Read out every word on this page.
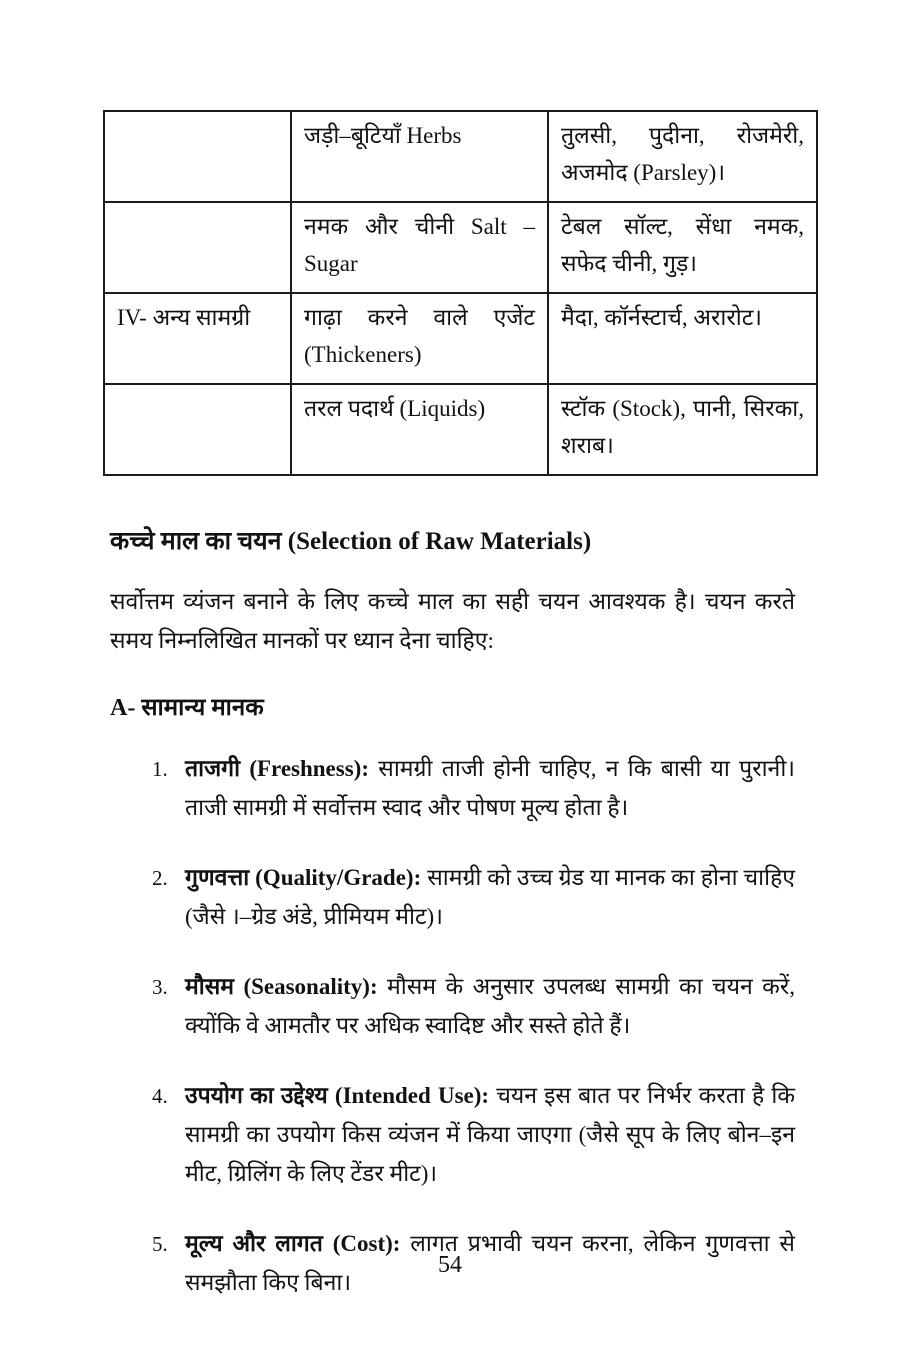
	जड़ी–बूटियाँ Herbs	तुलसी, पुदीना, रोजमेरी, अजमोद (Parsley)।
	नमक और चीनी Salt – Sugar	टेबल सॉल्ट, सेंधा नमक, सफेद चीनी, गुड़।
IV- अन्य सामग्री	गाढ़ा करने वाले एजेंट (Thickeners)	मैदा, कॉर्नस्टार्च, अरारोट।
	तरल पदार्थ (Liquids)	स्टॉक (Stock), पानी, सिरका, शराब।
कच्चे माल का चयन (Selection of Raw Materials)
सर्वोत्तम व्यंजन बनाने के लिए कच्चे माल का सही चयन आवश्यक है। चयन करते समय निम्नलिखित मानकों पर ध्यान देना चाहिए:
A- सामान्य मानक
1. ताजगी (Freshness): सामग्री ताजी होनी चाहिए, न कि बासी या पुरानी। ताजी सामग्री में सर्वोत्तम स्वाद और पोषण मूल्य होता है।
2. गुणवत्ता (Quality/Grade): सामग्री को उच्च ग्रेड या मानक का होना चाहिए (जैसे ।–ग्रेड अंडे, प्रीमियम मीट)।
3. मौसम (Seasonality): मौसम के अनुसार उपलब्ध सामग्री का चयन करें, क्योंकि वे आमतौर पर अधिक स्वादिष्ट और सस्ते होते हैं।
4. उपयोग का उद्देश्य (Intended Use): चयन इस बात पर निर्भर करता है कि सामग्री का उपयोग किस व्यंजन में किया जाएगा (जैसे सूप के लिए बोन–इन मीट, ग्रिलिंग के लिए टेंडर मीट)।
5. मूल्य और लागत (Cost): लागत प्रभावी चयन करना, लेकिन गुणवत्ता से समझौता किए बिना।
54
